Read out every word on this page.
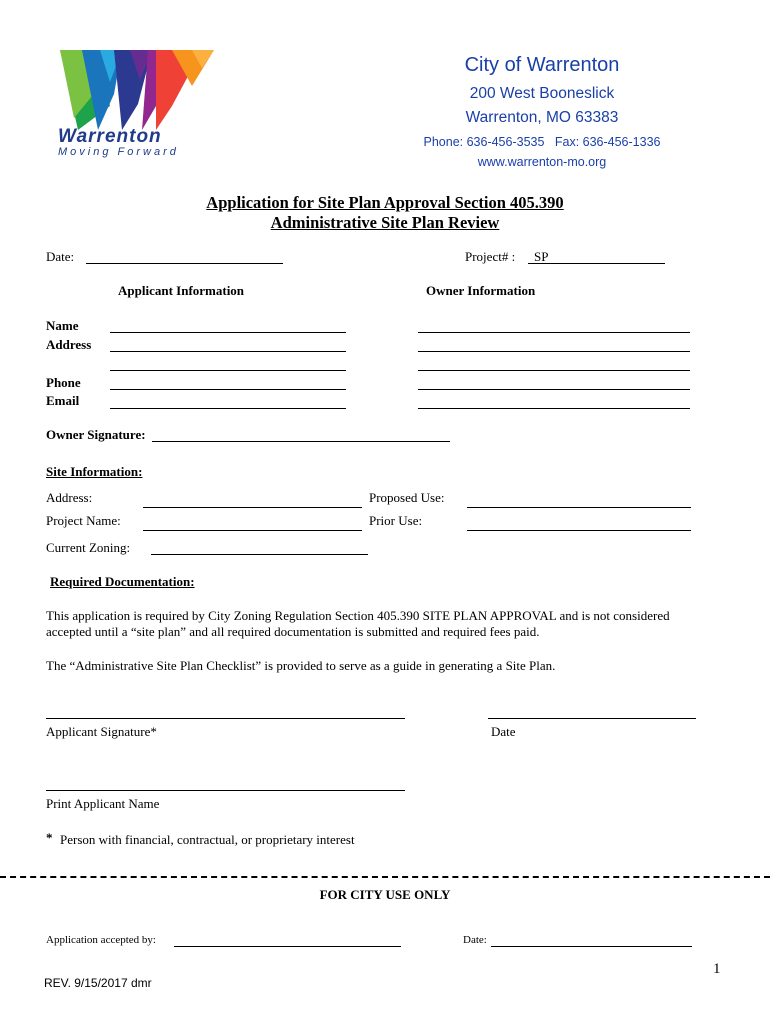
Warrenton
Moving Forward
City of Warrenton
200 West Booneslick
Warrenton, MO 63383
Phone: 636-456-3535   Fax: 636-456-1336
www.warrenton-mo.org
Application for Site Plan Approval Section 405.390
Administrative Site Plan Review
Date:	Project# : SP
Applicant Information	Owner Information
Name
Address
Phone
Email
Owner Signature:
Site Information:
Address:	Proposed Use:
Project Name:	Prior Use:
Current Zoning:
Required Documentation:
This application is required by City Zoning Regulation Section 405.390 SITE PLAN APPROVAL and is not considered
accepted until a “site plan” and all required documentation is submitted and required fees paid.
The “Administrative Site Plan Checklist” is provided to serve as a guide in generating a Site Plan.
Applicant Signature*	Date
Print Applicant Name
* Person with financial, contractual, or proprietary interest
FOR CITY USE ONLY
Application accepted by:	Date:
1
REV. 9/15/2017 dmr
